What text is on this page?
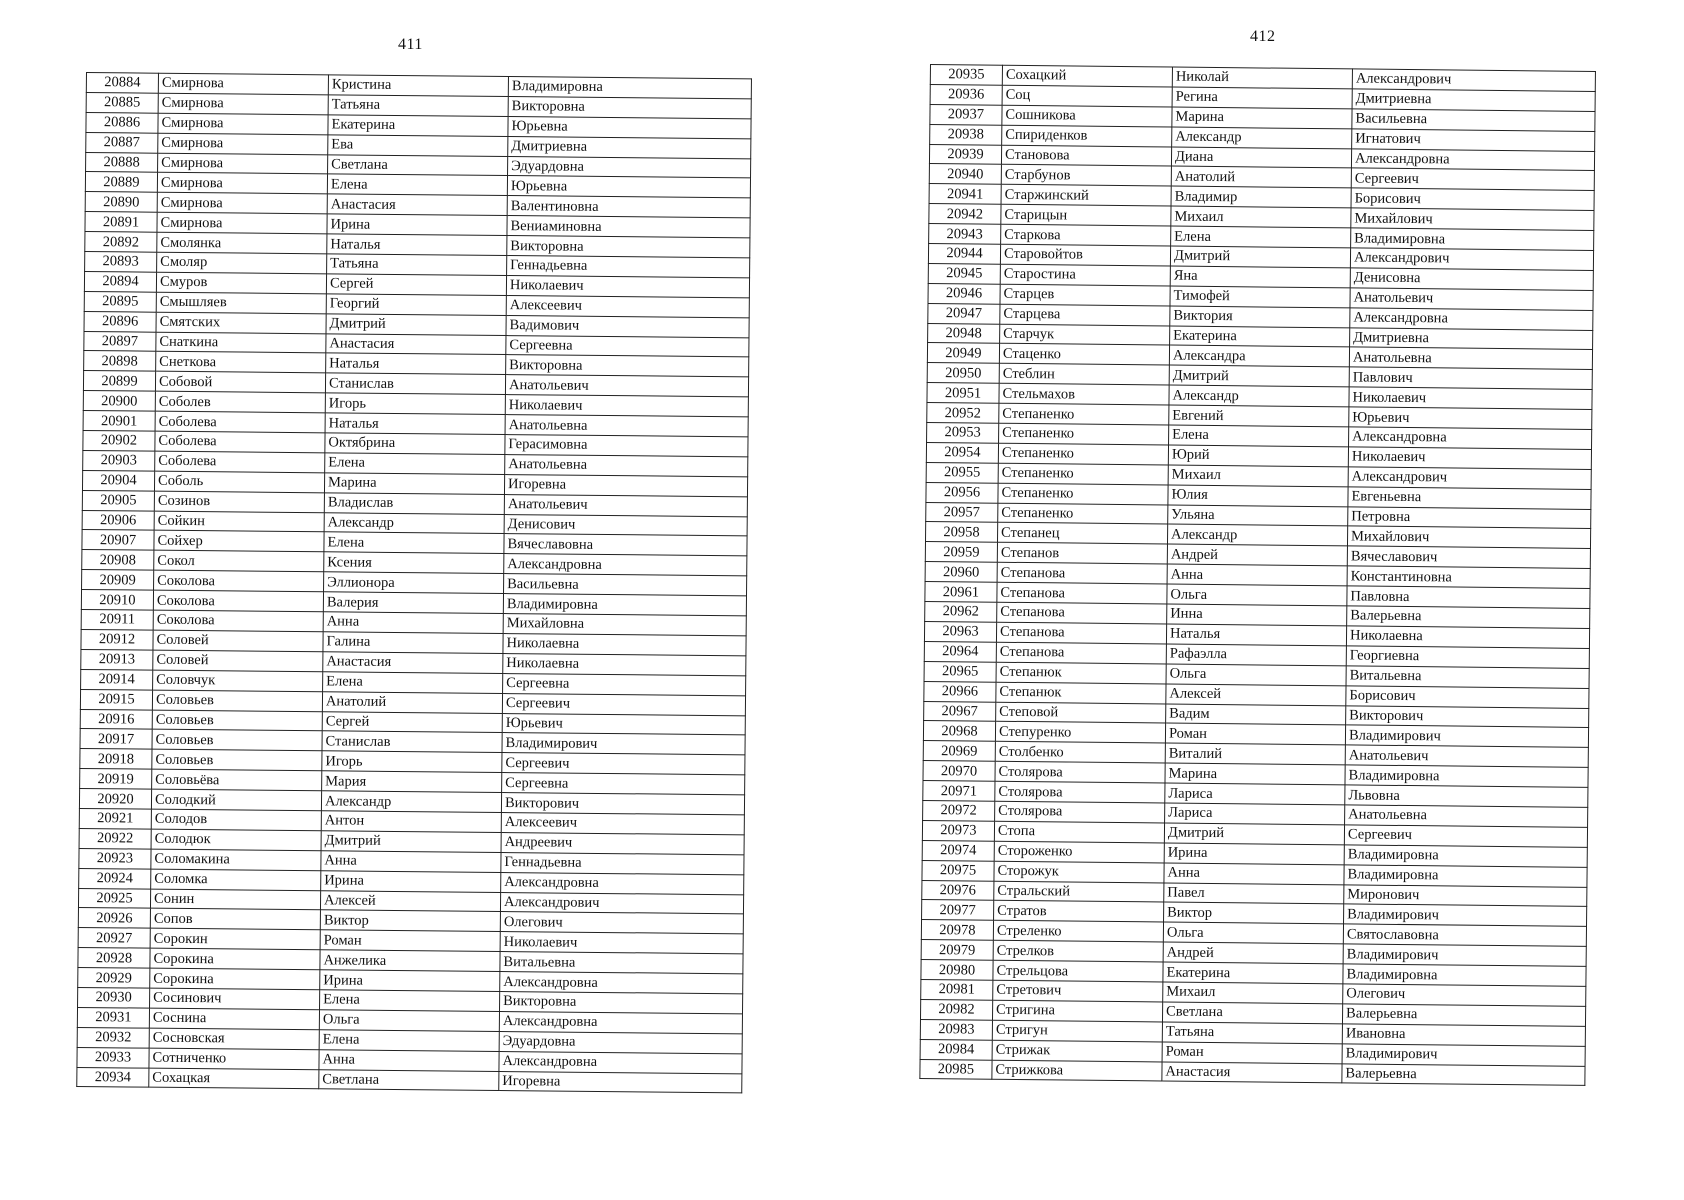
411
20884	Смирнова	Кристина	Владимировна
20885	Смирнова	Татьяна	Викторовна
20886	Смирнова	Екатерина	Юрьевна
20887	Смирнова	Ева	Дмитриевна
20888	Смирнова	Светлана	Эдуардовна
20889	Смирнова	Елена	Юрьевна
20890	Смирнова	Анастасия	Валентиновна
20891	Смирнова	Ирина	Вениаминовна
20892	Смолянка	Наталья	Викторовна
20893	Смоляр	Татьяна	Геннадьевна
20894	Смуров	Сергей	Николаевич
20895	Смышляев	Георгий	Алексеевич
20896	Смятских	Дмитрий	Вадимович
20897	Снаткина	Анастасия	Сергеевна
20898	Снеткова	Наталья	Викторовна
20899	Собовой	Станислав	Анатольевич
20900	Соболев	Игорь	Николаевич
20901	Соболева	Наталья	Анатольевна
20902	Соболева	Октябрина	Герасимовна
20903	Соболева	Елена	Анатольевна
20904	Соболь	Марина	Игоревна
20905	Созинов	Владислав	Анатольевич
20906	Сойкин	Александр	Денисович
20907	Сойхер	Елена	Вячеславовна
20908	Сокол	Ксения	Александровна
20909	Соколова	Эллионора	Васильевна
20910	Соколова	Валерия	Владимировна
20911	Соколова	Анна	Михайловна
20912	Соловей	Галина	Николаевна
20913	Соловей	Анастасия	Николаевна
20914	Соловчук	Елена	Сергеевна
20915	Соловьев	Анатолий	Сергеевич
20916	Соловьев	Сергей	Юрьевич
20917	Соловьев	Станислав	Владимирович
20918	Соловьев	Игорь	Сергеевич
20919	Соловьёва	Мария	Сергеевна
20920	Солодкий	Александр	Викторович
20921	Солодов	Антон	Алексеевич
20922	Солодюк	Дмитрий	Андреевич
20923	Соломакина	Анна	Геннадьевна
20924	Соломка	Ирина	Александровна
20925	Сонин	Алексей	Александрович
20926	Сопов	Виктор	Олегович
20927	Сорокин	Роман	Николаевич
20928	Сорокина	Анжелика	Витальевна
20929	Сорокина	Ирина	Александровна
20930	Сосинович	Елена	Викторовна
20931	Соснина	Ольга	Александровна
20932	Сосновская	Елена	Эдуардовна
20933	Сотниченко	Анна	Александровна
20934	Сохацкая	Светлана	Игоревна
412
20935	Сохацкий	Николай	Александрович
20936	Соц	Регина	Дмитриевна
20937	Сошникова	Марина	Васильевна
20938	Спириденков	Александр	Игнатович
20939	Становова	Диана	Александровна
20940	Старбунов	Анатолий	Сергеевич
20941	Старжинский	Владимир	Борисович
20942	Старицын	Михаил	Михайлович
20943	Старкова	Елена	Владимировна
20944	Старовойтов	Дмитрий	Александрович
20945	Старостина	Яна	Денисовна
20946	Старцев	Тимофей	Анатольевич
20947	Старцева	Виктория	Александровна
20948	Старчук	Екатерина	Дмитриевна
20949	Стаценко	Александра	Анатольевна
20950	Стеблин	Дмитрий	Павлович
20951	Стельмахов	Александр	Николаевич
20952	Степаненко	Евгений	Юрьевич
20953	Степаненко	Елена	Александровна
20954	Степаненко	Юрий	Николаевич
20955	Степаненко	Михаил	Александрович
20956	Степаненко	Юлия	Евгеньевна
20957	Степаненко	Ульяна	Петровна
20958	Степанец	Александр	Михайлович
20959	Степанов	Андрей	Вячеславович
20960	Степанова	Анна	Константиновна
20961	Степанова	Ольга	Павловна
20962	Степанова	Инна	Валерьевна
20963	Степанова	Наталья	Николаевна
20964	Степанова	Рафаэлла	Георгиевна
20965	Степанюк	Ольга	Витальевна
20966	Степанюк	Алексей	Борисович
20967	Степовой	Вадим	Викторович
20968	Степуренко	Роман	Владимирович
20969	Столбенко	Виталий	Анатольевич
20970	Столярова	Марина	Владимировна
20971	Столярова	Лариса	Львовна
20972	Столярова	Лариса	Анатольевна
20973	Стопа	Дмитрий	Сергеевич
20974	Стороженко	Ирина	Владимировна
20975	Сторожук	Анна	Владимировна
20976	Стральский	Павел	Миронович
20977	Стратов	Виктор	Владимирович
20978	Стреленко	Ольга	Святославовна
20979	Стрелков	Андрей	Владимирович
20980	Стрельцова	Екатерина	Владимировна
20981	Стретович	Михаил	Олегович
20982	Стригина	Светлана	Валерьевна
20983	Стригун	Татьяна	Ивановна
20984	Стрижак	Роман	Владимирович
20985	Стрижкова	Анастасия	Валерьевна
